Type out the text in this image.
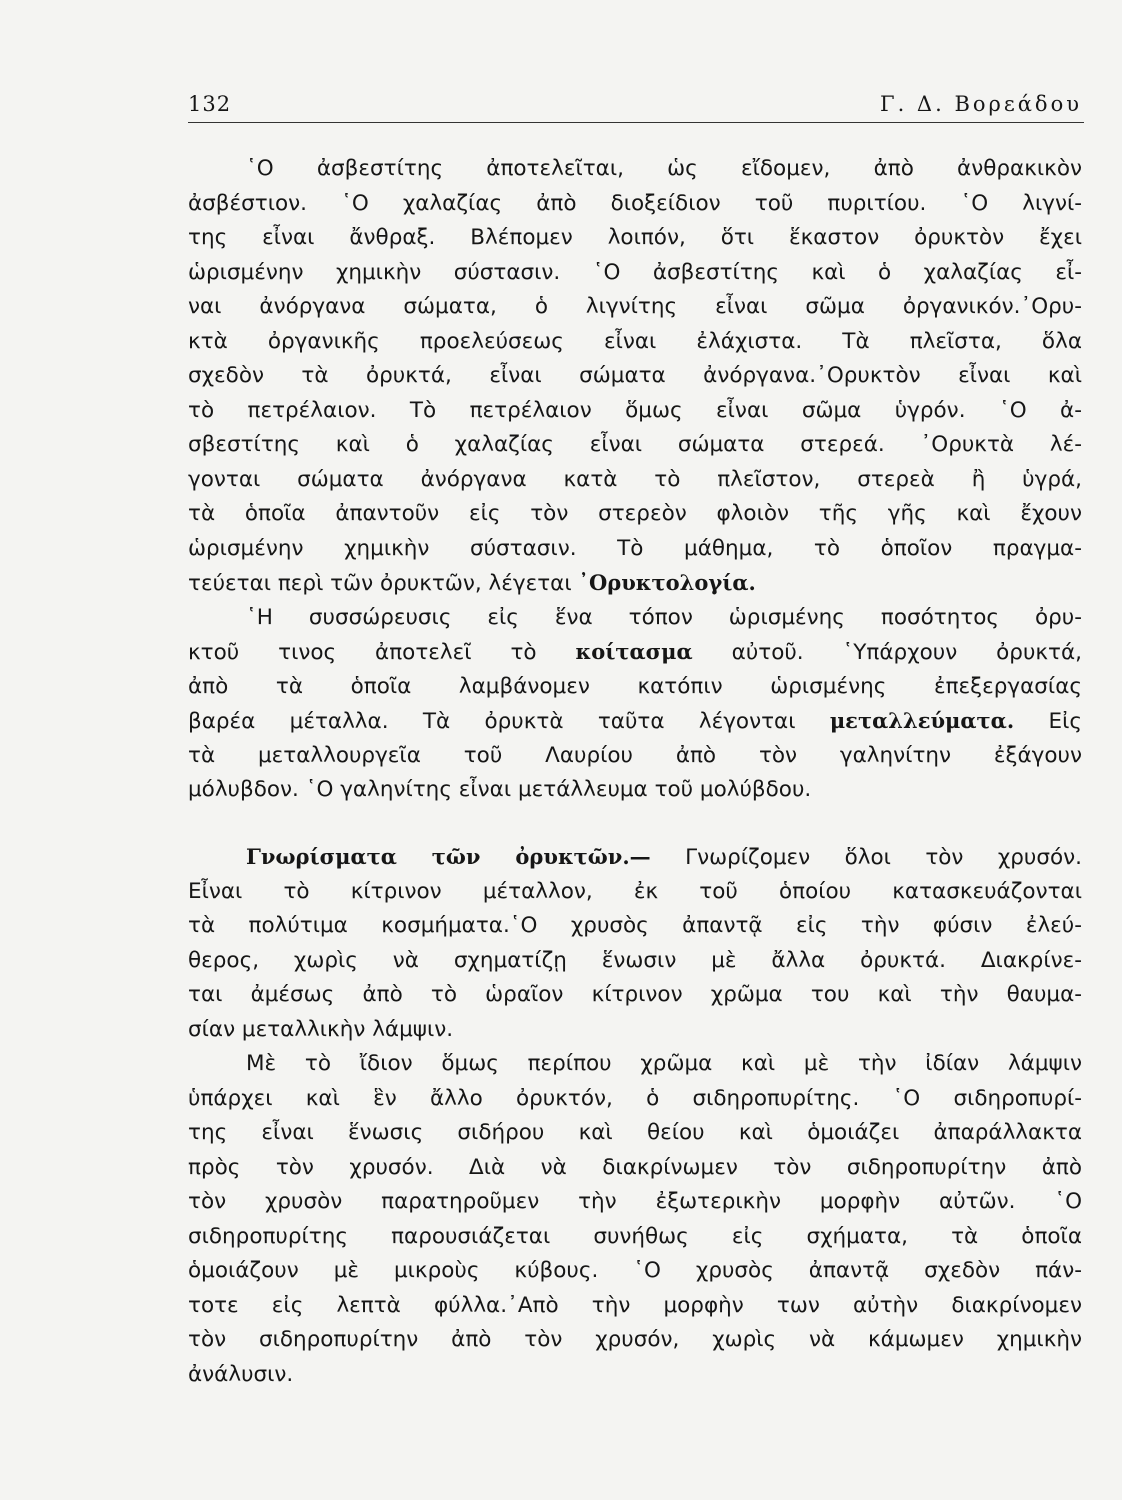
132	Γ. Δ. Βορεάδου
῾Ο ἀσβεστίτης ἀποτελεῖται, ὡς εἴδομεν, ἀπὸ ἀνθρακικὸν
ἀσβέστιον. ῾Ο χαλαζίας ἀπὸ διοξείδιον τοῦ πυριτίου. ῾Ο λιγνί-
της εἶναι ἄνθραξ. Βλέπομεν λοιπόν, ὅτι ἕκαστον ὀρυκτὸν ἔχει
ὡρισμένην χημικὴν σύστασιν. ῾Ο ἀσβεστίτης καὶ ὁ χαλαζίας εἶ-
ναι ἀνόργανα σώματα, ὁ λιγνίτης εἶναι σῶμα ὀργανικόν.᾿Ορυ-
κτὰ ὀργανικῆς προελεύσεως εἶναι ἐλάχιστα. Τὰ πλεῖστα, ὅλα
σχεδὸν τὰ ὀρυκτά, εἶναι σώματα ἀνόργανα.᾿Ορυκτὸν εἶναι καὶ
τὸ πετρέλαιον. Τὸ πετρέλαιον ὅμως εἶναι σῶμα ὑγρόν. ῾Ο ἀ-
σβεστίτης καὶ ὁ χαλαζίας εἶναι σώματα στερεά. ᾿Ορυκτὰ λέ-
γονται σώματα ἀνόργανα κατὰ τὸ πλεῖστον, στερεὰ ἢ ὑγρά,
τὰ ὁποῖα ἀπαντοῦν εἰς τὸν στερεὸν φλοιὸν τῆς γῆς καὶ ἔχουν
ὡρισμένην χημικὴν σύστασιν. Τὸ μάθημα, τὸ ὁποῖον πραγμα-
τεύεται περὶ τῶν ὀρυκτῶν, λέγεται ᾿Ορυκτολογία.
῾Η συσσώρευσις εἰς ἕνα τόπον ὡρισμένης ποσότητος ὀρυ-
κτοῦ τινος ἀποτελεῖ τὸ κοίτασμα αὐτοῦ. ῾Υπάρχουν ὀρυκτά,
ἀπὸ τὰ ὁποῖα λαμβάνομεν κατόπιν ὡρισμένης ἐπεξεργασίας
βαρέα μέταλλα. Τὰ ὀρυκτὰ ταῦτα λέγονται μεταλλεύματα. Εἰς
τὰ μεταλλουργεῖα τοῦ Λαυρίου ἀπὸ τὸν γαληνίτην ἐξάγουν
μόλυβδον. ῾Ο γαληνίτης εἶναι μετάλλευμα τοῦ μολύβδου.
Γνωρίσματα τῶν ὀρυκτῶν.— Γνωρίζομεν ὅλοι τὸν χρυσόν.
Εἶναι τὸ κίτρινον μέταλλον, ἐκ τοῦ ὁποίου κατασκευάζονται
τὰ πολύτιμα κοσμήματα.῾Ο χρυσὸς ἀπαντᾷ εἰς τὴν φύσιν ἐλεύ-
θερος, χωρὶς νὰ σχηματίζῃ ἕνωσιν μὲ ἄλλα ὀρυκτά. Διακρίνε-
ται ἀμέσως ἀπὸ τὸ ὡραῖον κίτρινον χρῶμα του καὶ τὴν θαυμα-
σίαν μεταλλικὴν λάμψιν.
Μὲ τὸ ἴδιον ὅμως περίπου χρῶμα καὶ μὲ τὴν ἰδίαν λάμψιν
ὑπάρχει καὶ ἓν ἄλλο ὀρυκτόν, ὁ σιδηροπυρίτης. ῾Ο σιδηροπυρί-
της εἶναι ἕνωσις σιδήρου καὶ θείου καὶ ὁμοιάζει ἀπαράλλακτα
πρὸς τὸν χρυσόν. Διὰ νὰ διακρίνωμεν τὸν σιδηροπυρίτην ἀπὸ
τὸν χρυσὸν παρατηροῦμεν τὴν ἐξωτερικὴν μορφὴν αὐτῶν. ῾Ο
σιδηροπυρίτης παρουσιάζεται συνήθως εἰς σχήματα, τὰ ὁποῖα
ὁμοιάζουν μὲ μικροὺς κύβους. ῾Ο χρυσὸς ἀπαντᾷ σχεδὸν πάν-
τοτε εἰς λεπτὰ φύλλα.᾿Απὸ τὴν μορφὴν των αὐτὴν διακρίνομεν
τὸν σιδηροπυρίτην ἀπὸ τὸν χρυσόν, χωρὶς νὰ κάμωμεν χημικὴν
ἀνάλυσιν.
